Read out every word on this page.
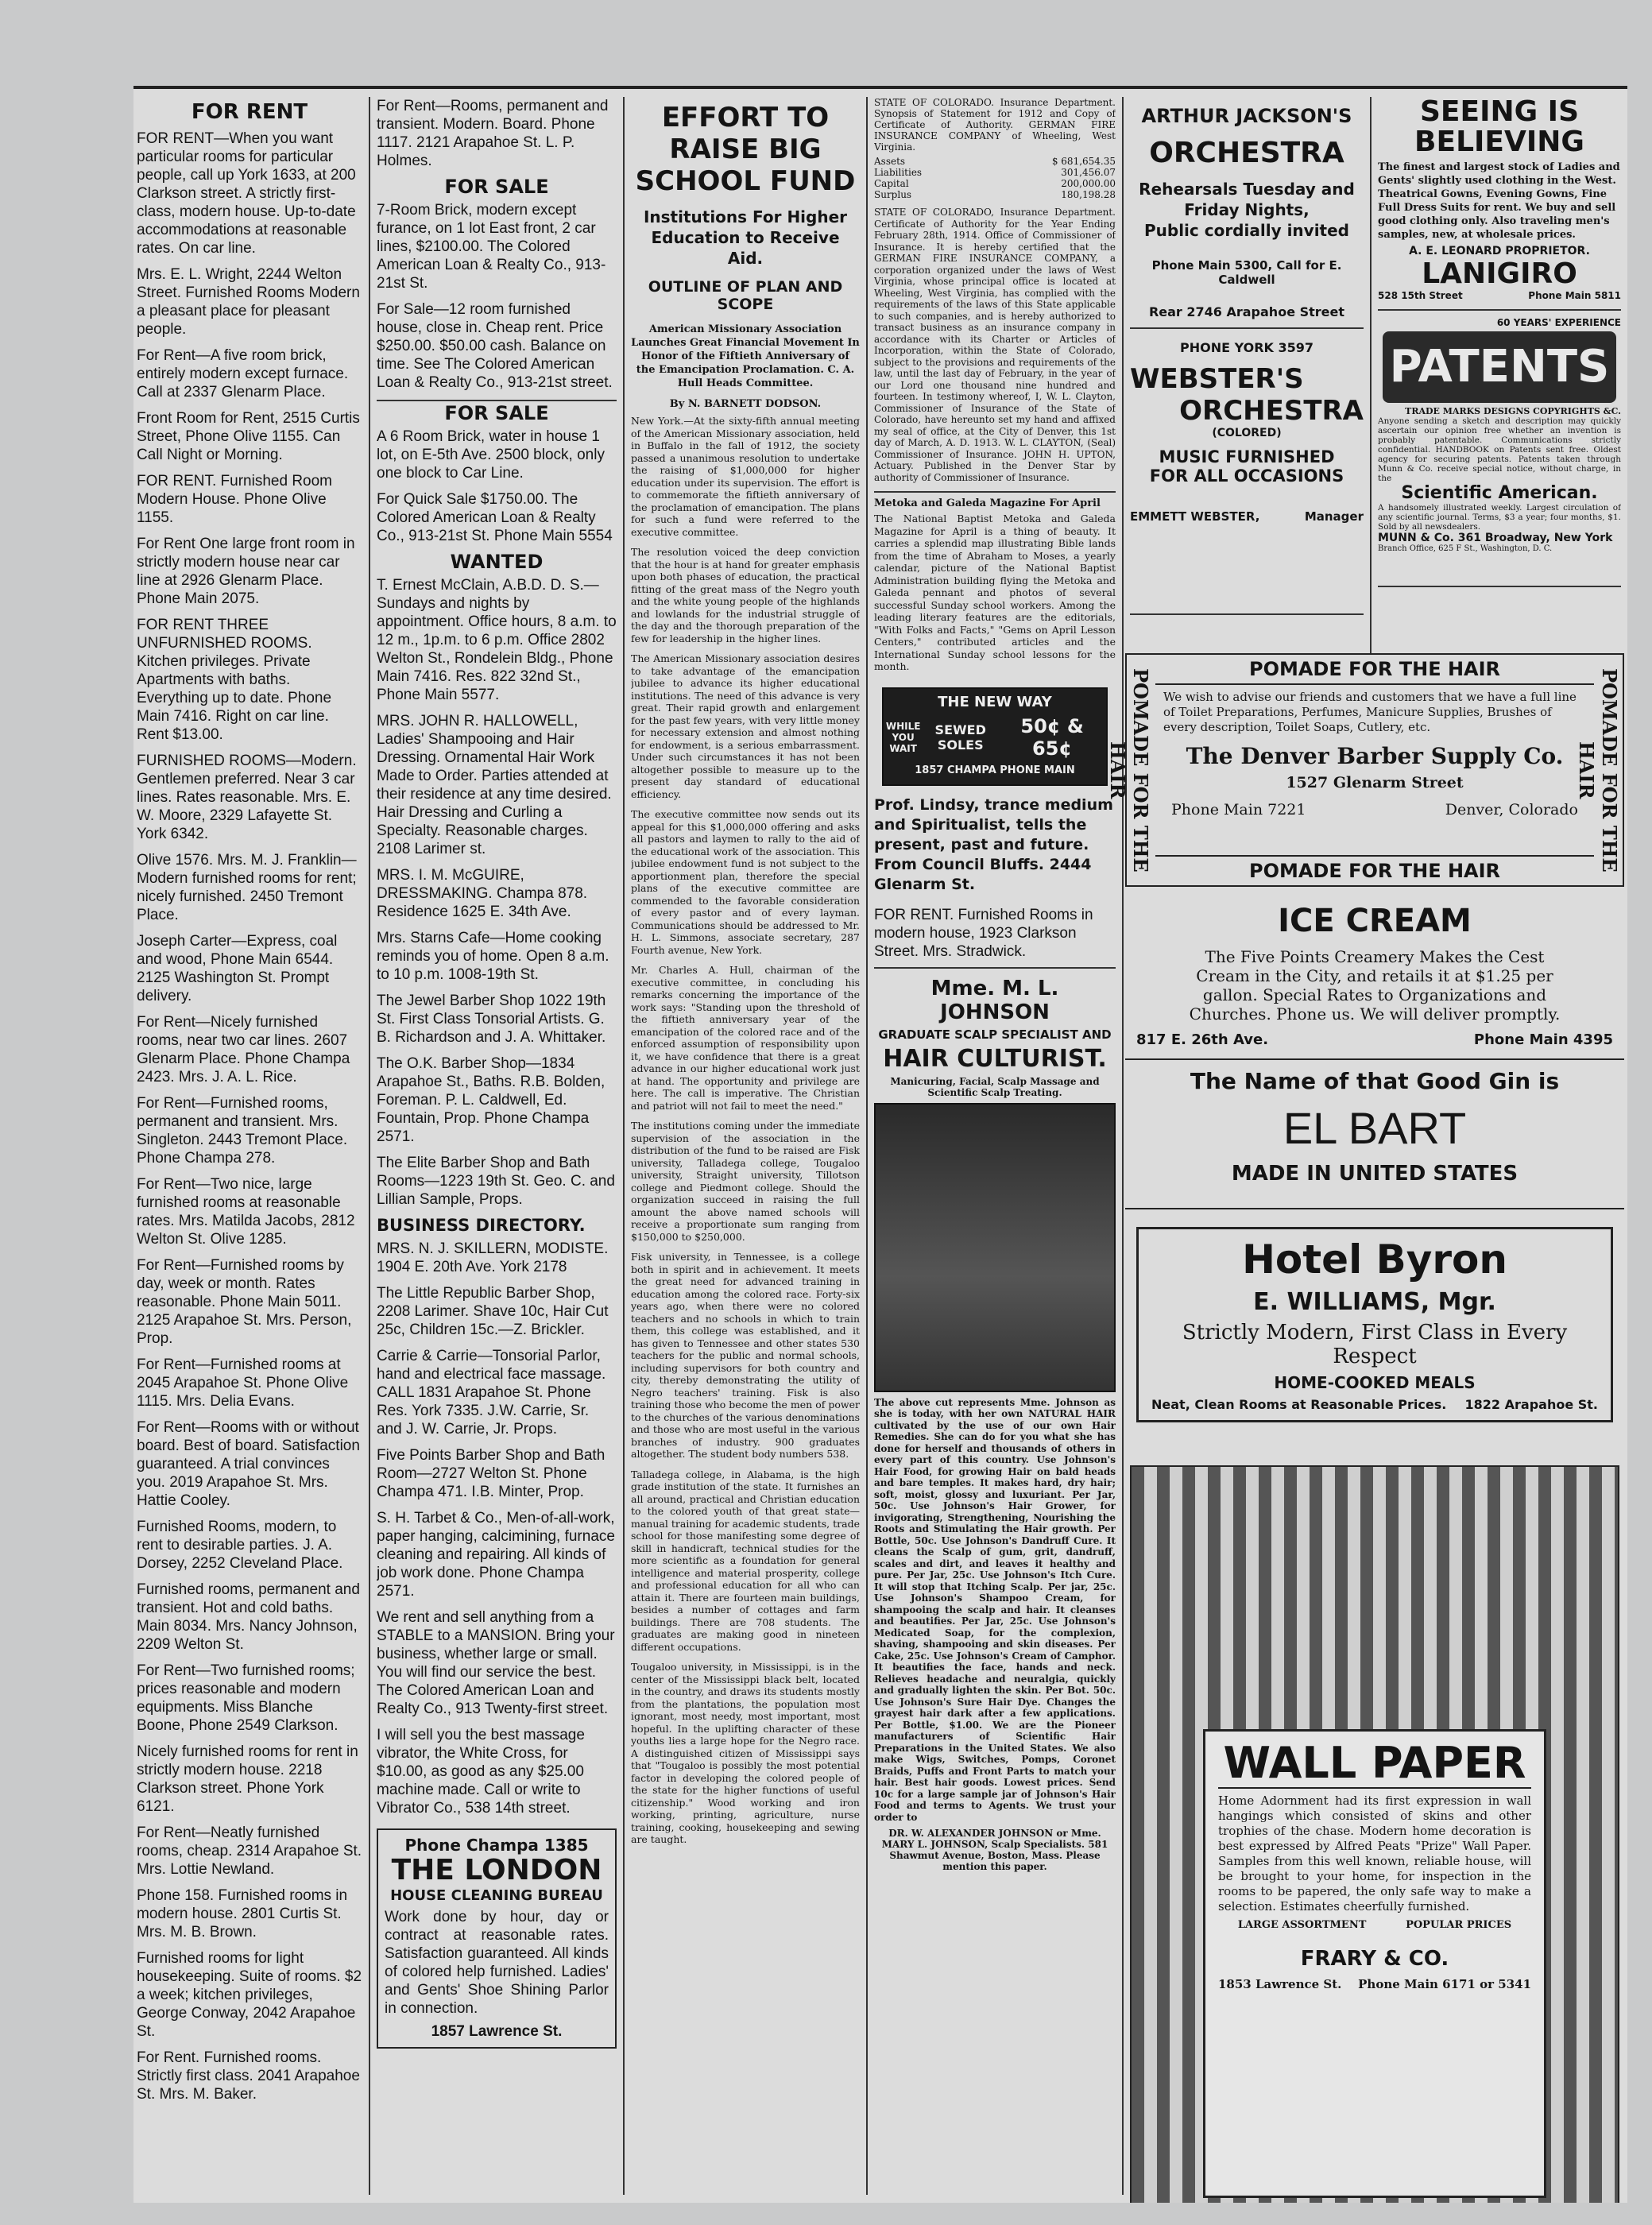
FOR RENT

FOR RENT—When you want particular rooms for particular people, call up York 1633, at 200 Clarkson street. A strictly first-class, modern house. Up-to-date accommodations at reasonable rates. On car line.

Mrs. E. L. Wright, 2244 Welton Street. Furnished Rooms Modern a pleasant place for pleasant people.

For Rent—A five room brick, entirely modern except furnace. Call at 2337 Glenarm Place.

Front Room for Rent, 2515 Curtis Street, Phone Olive 1155. Can Call Night or Morning.

FOR RENT. Furnished Room Modern House. Phone Olive 1155.

For Rent One large front room in strictly modern house near car line at 2926 Glenarm Place. Phone Main 2075.

FOR RENT THREE UNFURNISHED ROOMS. Kitchen privileges. Private Apartments with baths. Everything up to date. Phone Main 7416. Right on car line. Rent $13.00.

FURNISHED ROOMS—Modern. Gentlemen preferred. Near 3 car lines. Rates reasonable. Mrs. E. W. Moore, 2329 Lafayette St. York 6342.

Olive 1576. Mrs. M. J. Franklin—Modern furnished rooms for rent; nicely furnished. 2450 Tremont Place.

Joseph Carter—Express, coal and wood, Phone Main 6544. 2125 Washington St. Prompt delivery.

For Rent—Nicely furnished rooms, near two car lines. 2607 Glenarm Place. Phone Champa 2423. Mrs. J. A. L. Rice.

For Rent—Furnished rooms, permanent and transient. Mrs. Singleton. 2443 Tremont Place. Phone Champa 278.

For Rent—Two nice, large furnished rooms at reasonable rates. Mrs. Matilda Jacobs, 2812 Welton St. Olive 1285.

For Rent—Furnished rooms by day, week or month. Rates reasonable. Phone Main 5011. 2125 Arapahoe St. Mrs. Person, Prop.

For Rent—Furnished rooms at 2045 Arapahoe St. Phone Olive 1115. Mrs. Delia Evans.

For Rent—Rooms with or without board. Best of board. Satisfaction guaranteed. A trial convinces you. 2019 Arapahoe St. Mrs. Hattie Cooley.

Furnished Rooms, modern, to rent to desirable parties. J. A. Dorsey, 2252 Cleveland Place.

Furnished rooms, permanent and transient. Hot and cold baths. Main 8034. Mrs. Nancy Johnson, 2209 Welton St.

For Rent—Two furnished rooms; prices reasonable and modern equipments. Miss Blanche Boone, Phone 2549 Clarkson.

Nicely furnished rooms for rent in strictly modern house. 2218 Clarkson street. Phone York 6121.

For Rent—Neatly furnished rooms, cheap. 2314 Arapahoe St. Mrs. Lottie Newland.

Phone 158. Furnished rooms in modern house. 2801 Curtis St. Mrs. M. B. Brown.

Furnished rooms for light housekeeping. Suite of rooms. $2 a week; kitchen privileges, George Conway, 2042 Arapahoe St.

For Rent. Furnished rooms. Strictly first class. 2041 Arapahoe St. Mrs. M. Baker.

For Rent—Rooms, permanent and transient. Modern. Board. Phone 1117. 2121 Arapahoe St. L. P. Holmes.

FOR SALE

7-Room Brick, modern except furance, on 1 lot East front, 2 car lines, $2100.00. The Colored American Loan & Realty Co., 913-21st St.

For Sale—12 room furnished house, close in. Cheap rent. Price $250.00. $50.00 cash. Balance on time. See The Colored American Loan & Realty Co., 913-21st street.

FOR SALE

A 6 Room Brick, water in house 1 lot, on E-5th Ave. 2500 block, only one block to Car Line.

For Quick Sale $1750.00. The Colored American Loan & Realty Co., 913-21st St. Phone Main 5554

WANTED

T. Ernest McClain, A.B.D. D. S.—Sundays and nights by appointment. Office hours, 8 a.m. to 12 m., 1p.m. to 6 p.m. Office 2802 Welton St., Rondelein Bldg., Phone Main 7416. Res. 822 32nd St., Phone Main 5577.

MRS. JOHN R. HALLOWELL, Ladies' Shampooing and Hair Dressing. Ornamental Hair Work Made to Order. Parties attended at their residence at any time desired. Hair Dressing and Curling a Specialty. Reasonable charges. 2108 Larimer st.

MRS. I. M. McGUIRE, DRESSMAKING. Champa 878. Residence 1625 E. 34th Ave.

Mrs. Starns Cafe—Home cooking reminds you of home. Open 8 a.m. to 10 p.m. 1008-19th St.

The Jewel Barber Shop 1022 19th St. First Class Tonsorial Artists. G. B. Richardson and J. A. Whittaker.

The O.K. Barber Shop—1834 Arapahoe St., Baths. R.B. Bolden, Foreman. P. L. Caldwell, Ed. Fountain, Prop. Phone Champa 2571.

The Elite Barber Shop and Bath Rooms—1223 19th St. Geo. C. and Lillian Sample, Props.

BUSINESS DIRECTORY.

MRS. N. J. SKILLERN, MODISTE. 1904 E. 20th Ave. York 2178

The Little Republic Barber Shop, 2208 Larimer. Shave 10c, Hair Cut 25c, Children 15c.—Z. Brickler.

Carrie & Carrie—Tonsorial Parlor, hand and electrical face massage. CALL 1831 Arapahoe St. Phone Res. York 7335. J.W. Carrie, Sr. and J. W. Carrie, Jr. Props.

Five Points Barber Shop and Bath Room—2727 Welton St. Phone Champa 471. I.B. Minter, Prop.

S. H. Tarbet & Co., Men-of-all-work, paper hanging, calcimining, furnace cleaning and repairing. All kinds of job work done. Phone Champa 2571.

We rent and sell anything from a STABLE to a MANSION. Bring your business, whether large or small. You will find our service the best. The Colored American Loan and Realty Co., 913 Twenty-first street.

I will sell you the best massage vibrator, the White Cross, for $10.00, as good as any $25.00 machine made. Call or write to Vibrator Co., 538 14th street.

Phone Champa 1385
THE LONDON
HOUSE CLEANING BUREAU
Work done by hour, day or contract at reasonable rates. Satisfaction guaranteed. All kinds of colored help furnished. Ladies' and Gents' Shoe Shining Parlor in connection.
1857 Lawrence St.
EFFORT TO RAISE BIG SCHOOL FUND
Institutions For Higher Education to Receive Aid.
OUTLINE OF PLAN AND SCOPE
American Missionary Association Launches Great Financial Movement In Honor of the Fiftieth Anniversary of the Emancipation Proclamation. C. A. Hull Heads Committee.
By N. BARNETT DODSON.

New York.—At the sixty-fifth annual meeting of the American Missionary association, held in Buffalo in the fall of 1912, the society passed a unanimous resolution to undertake the raising of $1,000,000 for higher education under its supervision. The effort is to commemorate the fiftieth anniversary of the proclamation of emancipation. The plans for such a fund were referred to the executive committee.

The resolution voiced the deep conviction that the hour is at hand for greater emphasis upon both phases of education, the practical fitting of the great mass of the Negro youth and the white young people of the highlands and lowlands for the industrial struggle of the day and the thorough preparation of the few for leadership in the higher lines.

The American Missionary association desires to take advantage of the emancipation jubilee to advance its higher educational institutions. The need of this advance is very great. Their rapid growth and enlargement for the past few years, with very little money for necessary extension and almost nothing for endowment, is a serious embarrassment. Under such circumstances it has not been altogether possible to measure up to the present day standard of educational efficiency.

The executive committee now sends out its appeal for this $1,000,000 offering and asks all pastors and laymen to rally to the aid of the educational work of the association. This jubilee endowment fund is not subject to the apportionment plan, therefore the special plans of the executive committee are commended to the favorable consideration of every pastor and of every layman. Communications should be addressed to Mr. H. L. Simmons, associate secretary, 287 Fourth avenue, New York.

Mr. Charles A. Hull, chairman of the executive committee, in concluding his remarks concerning the importance of the work says: "Standing upon the threshold of the fiftieth anniversary year of the emancipation of the colored race and of the enforced assumption of responsibility upon it, we have confidence that there is a great advance in our higher educational work just at hand. The opportunity and privilege are here. The call is imperative. The Christian and patriot will not fail to meet the need."

The institutions coming under the immediate supervision of the association in the distribution of the fund to be raised are Fisk university, Talladega college, Tougaloo university, Straight university, Tillotson college and Piedmont college. Should the organization succeed in raising the full amount the above named schools will receive a proportionate sum ranging from $150,000 to $250,000.

Fisk university, in Tennessee, is a college both in spirit and in achievement. It meets the great need for advanced training in education among the colored race. Forty-six years ago, when there were no colored teachers and no schools in which to train them, this college was established, and it has given to Tennessee and other states 530 teachers for the public and normal schools, including supervisors for both country and city, thereby demonstrating the utility of Negro teachers' training. Fisk is also training those who become the men of power to the churches of the various denominations and those who are most useful in the various branches of industry. 900 graduates altogether. The student body numbers 538.

Talladega college, in Alabama, is the high grade institution of the state. It furnishes an all around, practical and Christian education to the colored youth of that great state—manual training for academic students, trade school for those manifesting some degree of skill in handicraft, technical studies for the more scientific as a foundation for general intelligence and material prosperity, college and professional education for all who can attain it. There are fourteen main buildings, besides a number of cottages and farm buildings. There are 708 students. The graduates are making good in nineteen different occupations.

Tougaloo university, in Mississippi, is in the center of the Mississippi black belt, located in the country, and draws its students mostly from the plantations, the population most ignorant, most needy, most important, most hopeful. In the uplifting character of these youths lies a large hope for the Negro race. A distinguished citizen of Mississippi says that "Tougaloo is possibly the most potential factor in developing the colored people of the state for the higher functions of useful citizenship." Wood working and iron working, printing, agriculture, nurse training, cooking, housekeeping and sewing are taught.

STATE OF COLORADO. Insurance Department. Synopsis of Statement for 1912 and Copy of Certificate of Authority. GERMAN FIRE INSURANCE COMPANY of Wheeling, West Virginia.
Assets	$ 681,654.35
Liabilities	301,456.07
Capital	200,000.00
Surplus	180,198.28
STATE OF COLORADO, Insurance Department. Certificate of Authority for the Year Ending February 28th, 1914. Office of Commissioner of Insurance. It is hereby certified that the GERMAN FIRE INSURANCE COMPANY, a corporation organized under the laws of West Virginia, whose principal office is located at Wheeling, West Virginia, has complied with the requirements of the laws of this State applicable to such companies, and is hereby authorized to transact business as an insurance company in accordance with its Charter or Articles of Incorporation, within the State of Colorado, subject to the provisions and requirements of the law, until the last day of February, in the year of our Lord one thousand nine hundred and fourteen. In testimony whereof, I, W. L. Clayton, Commissioner of Insurance of the State of Colorado, have hereunto set my hand and affixed my seal of office, at the City of Denver, this 1st day of March, A. D. 1913. W. L. CLAYTON, (Seal) Commissioner of Insurance. JOHN H. UPTON, Actuary. Published in the Denver Star by authority of Commissioner of Insurance.
Metoka and Galeda Magazine For April
The National Baptist Metoka and Galeda Magazine for April is a thing of beauty. It carries a splendid map illustrating Bible lands from the time of Abraham to Moses, a yearly calendar, picture of the National Baptist Administration building flying the Metoka and Galeda pennant and photos of several successful Sunday school workers. Among the leading literary features are the editorials, "With Folks and Facts," "Gems on April Lesson Centers," contributed articles and the International Sunday school lessons for the month.
THE NEW WAY
WHILE YOU WAIT
SEWED SOLES
50¢ & 65¢
1857 CHAMPA PHONE MAIN
Prof. Lindsy, trance medium and Spiritualist, tells the present, past and future. From Council Bluffs. 2444 Glenarm St.
FOR RENT. Furnished Rooms in modern house, 1923 Clarkson Street. Mrs. Stradwick.
Mme. M. L. JOHNSON
GRADUATE SCALP SPECIALIST AND
HAIR CULTURIST.
Manicuring, Facial, Scalp Massage and Scientific Scalp Treating.
The above cut represents Mme. Johnson as she is today, with her own NATURAL HAIR cultivated by the use of our own Hair Remedies. She can do for you what she has done for herself and thousands of others in every part of this country. Use Johnson's Hair Food, for growing Hair on bald heads and bare temples. It makes hard, dry hair; soft, moist, glossy and luxuriant. Per Jar, 50c. Use Johnson's Hair Grower, for invigorating, Strengthening, Nourishing the Roots and Stimulating the Hair growth. Per Bottle, 50c. Use Johnson's Dandruff Cure. It cleans the Scalp of gum, grit, dandruff, scales and dirt, and leaves it healthy and pure. Per Jar, 25c. Use Johnson's Itch Cure. It will stop that Itching Scalp. Per jar, 25c. Use Johnson's Shampoo Cream, for shampooing the scalp and hair. It cleanses and beautifies. Per Jar, 25c. Use Johnson's Medicated Soap, for the complexion, shaving, shampooing and skin diseases. Per Cake, 25c. Use Johnson's Cream of Camphor. It beautifies the face, hands and neck. Relieves headache and neuralgia, quickly and gradually lighten the skin. Per Bot. 50c. Use Johnson's Sure Hair Dye. Changes the grayest hair dark after a few applications. Per Bottle, $1.00. We are the Pioneer manufacturers of Scientific Hair Preparations in the United States. We also make Wigs, Switches, Pomps, Coronet Braids, Puffs and Front Parts to match your hair. Best hair goods. Lowest prices. Send 10c for a large sample jar of Johnson's Hair Food and terms to Agents. We trust your order to
DR. W. ALEXANDER JOHNSON or Mme. MARY L. JOHNSON, Scalp Specialists. 581 Shawmut Avenue, Boston, Mass. Please mention this paper.
ARTHUR JACKSON'S
ORCHESTRA
Rehearsals Tuesday and Friday Nights,
Public cordially invited
Phone Main 5300, Call for E. Caldwell
Rear 2746 Arapahoe Street
PHONE YORK 3597
WEBSTER'S
ORCHESTRA
(COLORED)
MUSIC FURNISHED
FOR ALL OCCASIONS
EMMETT WEBSTER,	Manager
SEEING IS
BELIEVING
The finest and largest stock of Ladies and Gents' slightly used clothing in the West. Theatrical Gowns, Evening Gowns, Fine Full Dress Suits for rent. We buy and sell good clothing only. Also traveling men's samples, new, at wholesale prices.
A. E. LEONARD PROPRIETOR.
LANIGIRO
528 15th Street	Phone Main 5811
60 YEARS' EXPERIENCE
PATENTS
TRADE MARKS DESIGNS COPYRIGHTS &C.
Anyone sending a sketch and description may quickly ascertain our opinion free whether an invention is probably patentable. Communications strictly confidential. HANDBOOK on Patents sent free. Oldest agency for securing patents. Patents taken through Munn & Co. receive special notice, without charge, in the
Scientific American.
A handsomely illustrated weekly. Largest circulation of any scientific journal. Terms, $3 a year; four months, $1. Sold by all newsdealers.
MUNN & Co. 361 Broadway, New York
Branch Office, 625 F St., Washington, D. C.
POMADE FOR THE HAIR	POMADE FOR THE HAIR
POMADE FOR THE HAIR
We wish to advise our friends and customers that we have a full line of Toilet Preparations, Perfumes, Manicure Supplies, Brushes of every description, Toilet Soaps, Cutlery, etc.
The Denver Barber Supply Co.
1527 Glenarm Street
Phone Main 7221	Denver, Colorado
POMADE FOR THE HAIR
ICE CREAM
The Five Points Creamery Makes the Cest Cream in the City, and retails it at $1.25 per gallon. Special Rates to Organizations and Churches. Phone us. We will deliver promptly.
817 E. 26th Ave.	Phone Main 4395
The Name of that Good Gin is
EL BART
MADE IN UNITED STATES
Hotel Byron
E. WILLIAMS, Mgr.
Strictly Modern, First Class in Every Respect
HOME-COOKED MEALS
Neat, Clean Rooms at Reasonable Prices. 1822 Arapahoe St.
WALL PAPER
Home Adornment had its first expression in wall hangings which consisted of skins and other trophies of the chase. Modern home decoration is best expressed by Alfred Peats "Prize" Wall Paper. Samples from this well known, reliable house, will be brought to your home, for inspection in the rooms to be papered, the only safe way to make a selection. Estimates cheerfully furnished.
LARGE ASSORTMENT	POPULAR PRICES
FRARY & CO.
1853 Lawrence St. Phone Main 6171 or 5341
